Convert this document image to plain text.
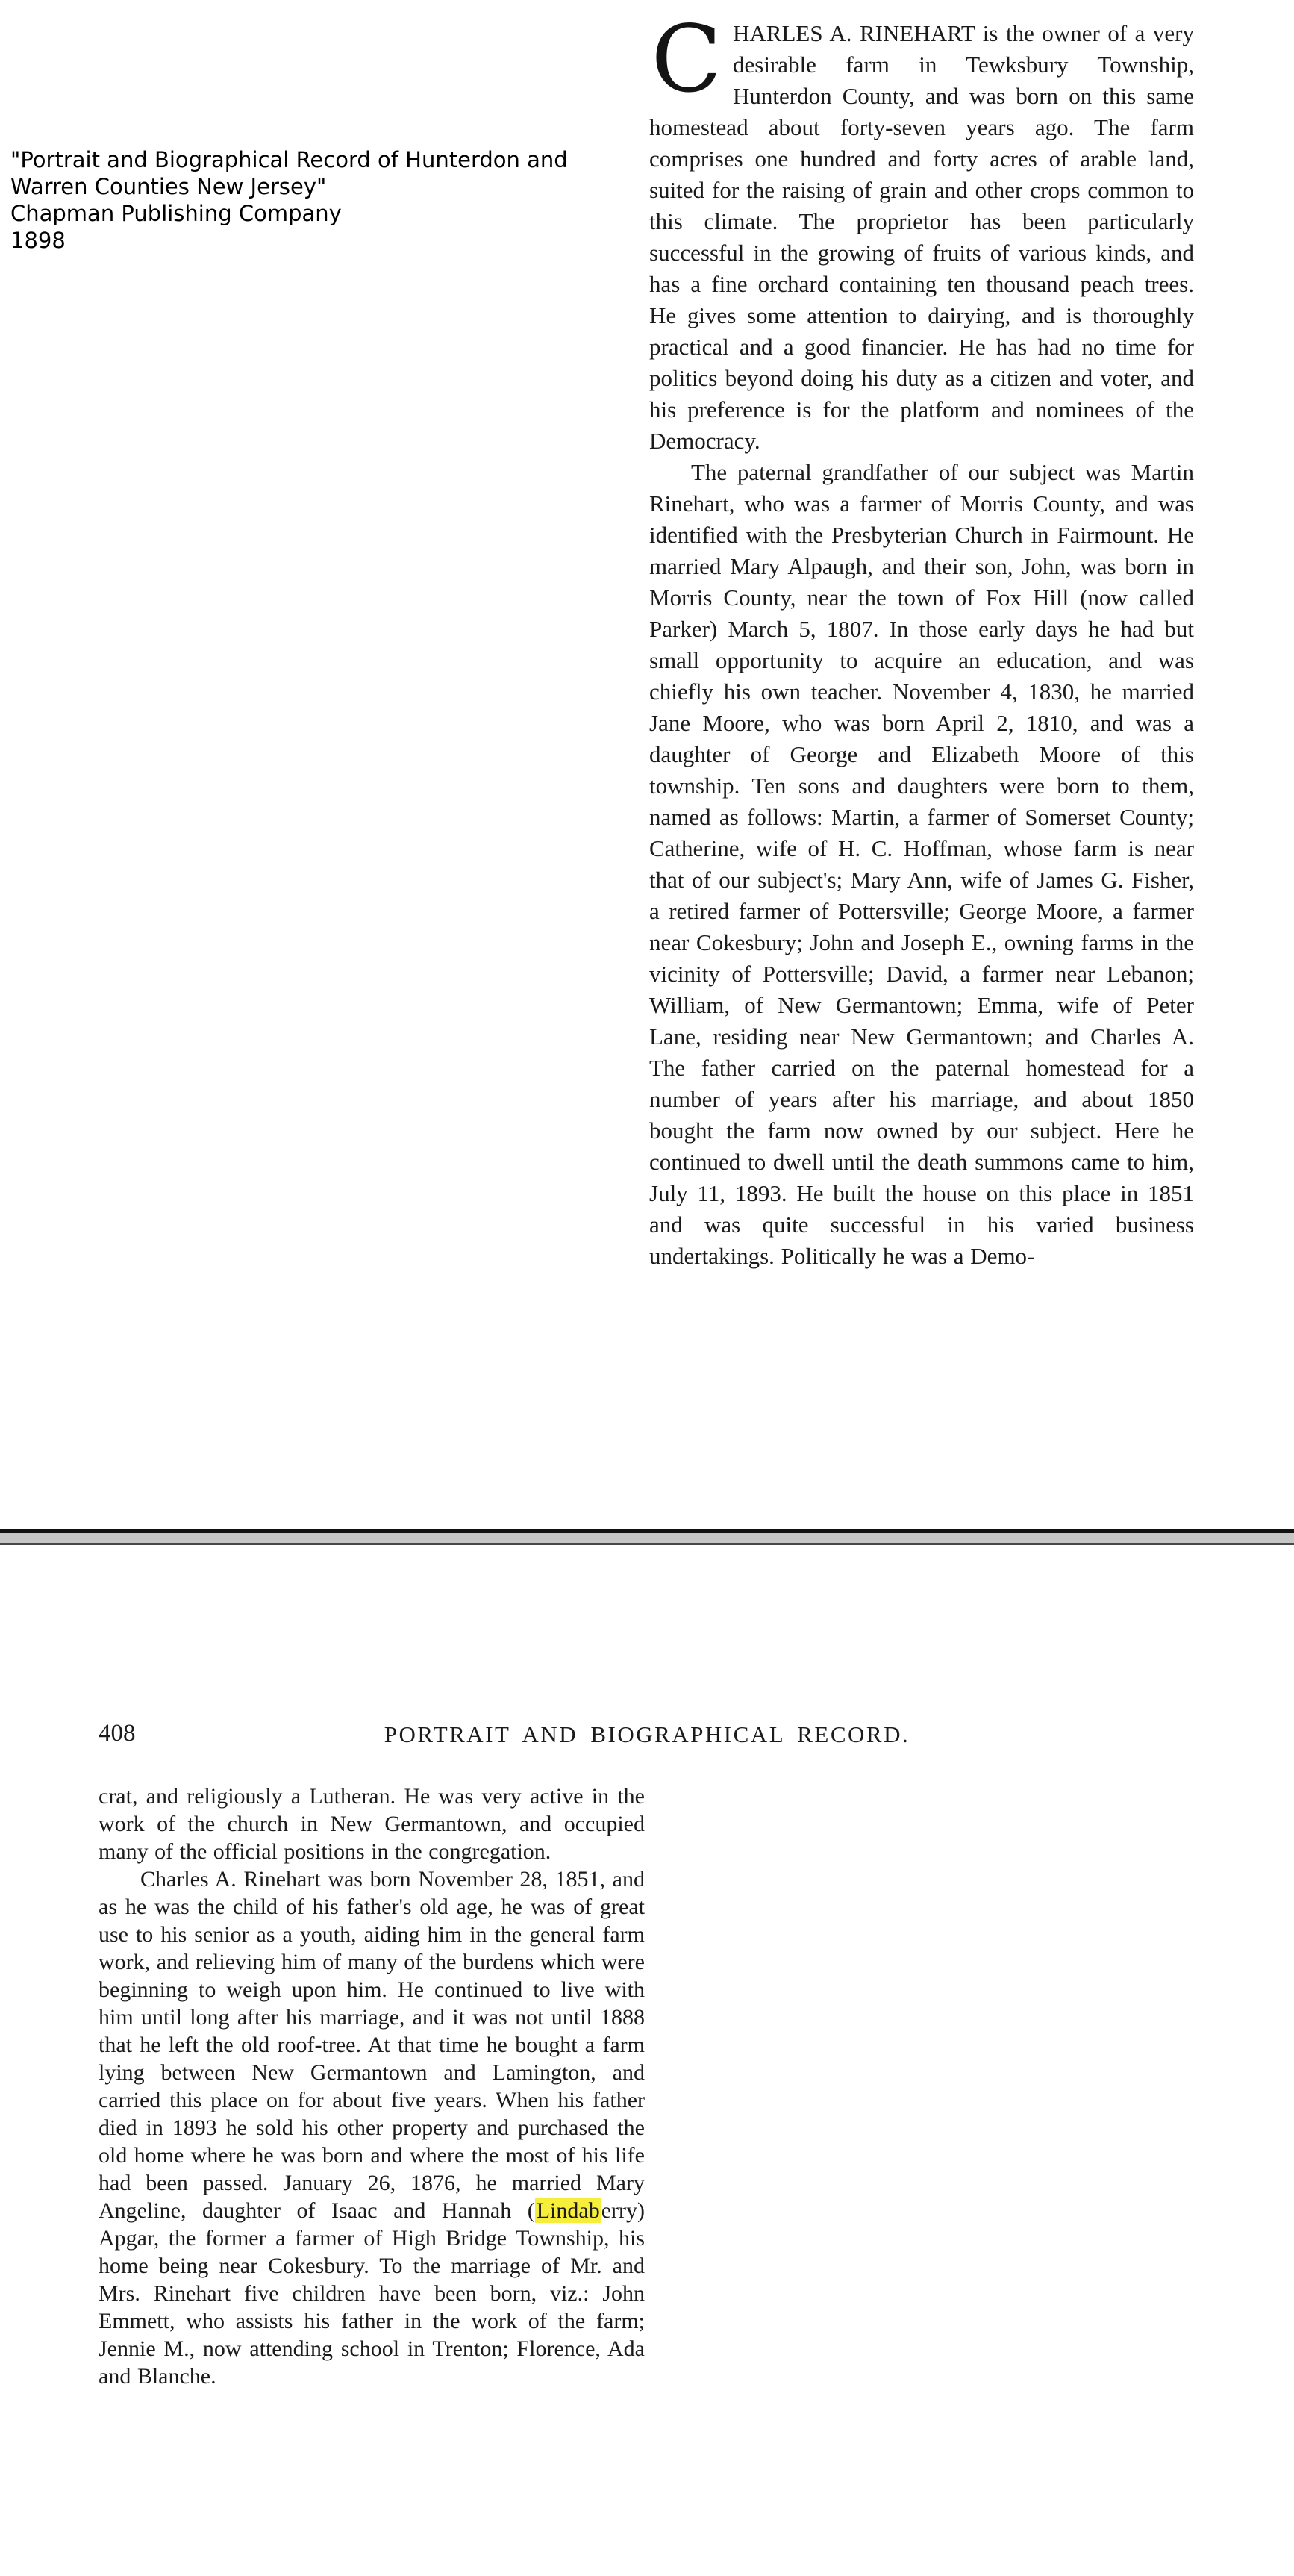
"Portrait and Biographical Record of Hunterdon and
Warren Counties New Jersey"
Chapman Publishing Company
1898

CHARLES A. RINEHART is the owner of a very desirable farm in Tewksbury Township, Hunterdon County, and was born on this same homestead about forty-seven years ago. The farm comprises one hundred and forty acres of arable land, suited for the raising of grain and other crops common to this climate. The proprietor has been particularly successful in the growing of fruits of various kinds, and has a fine orchard containing ten thousand peach trees. He gives some attention to dairying, and is thoroughly practical and a good financier. He has had no time for politics beyond doing his duty as a citizen and voter, and his preference is for the platform and nominees of the Democracy.

The paternal grandfather of our subject was Martin Rinehart, who was a farmer of Morris County, and was identified with the Presbyterian Church in Fairmount. He married Mary Alpaugh, and their son, John, was born in Morris County, near the town of Fox Hill (now called Parker) March 5, 1807. In those early days he had but small opportunity to acquire an education, and was chiefly his own teacher. November 4, 1830, he married Jane Moore, who was born April 2, 1810, and was a daughter of George and Elizabeth Moore of this township. Ten sons and daughters were born to them, named as follows: Martin, a farmer of Somerset County; Catherine, wife of H. C. Hoffman, whose farm is near that of our subject's; Mary Ann, wife of James G. Fisher, a retired farmer of Pottersville; George Moore, a farmer near Cokesbury; John and Joseph E., owning farms in the vicinity of Pottersville; David, a farmer near Lebanon; William, of New Germantown; Emma, wife of Peter Lane, residing near New Germantown; and Charles A. The father carried on the paternal homestead for a number of years after his marriage, and about 1850 bought the farm now owned by our subject. Here he continued to dwell until the death summons came to him, July 11, 1893. He built the house on this place in 1851 and was quite successful in his varied business undertakings. Politically he was a Demo-

408	PORTRAIT AND BIOGRAPHICAL RECORD.

crat, and religiously a Lutheran. He was very active in the work of the church in New Germantown, and occupied many of the official positions in the congregation.

Charles A. Rinehart was born November 28, 1851, and as he was the child of his father's old age, he was of great use to his senior as a youth, aiding him in the general farm work, and relieving him of many of the burdens which were beginning to weigh upon him. He continued to live with him until long after his marriage, and it was not until 1888 that he left the old roof-tree. At that time he bought a farm lying between New Germantown and Lamington, and carried this place on for about five years. When his father died in 1893 he sold his other property and purchased the old home where he was born and where the most of his life had been passed. January 26, 1876, he married Mary Angeline, daughter of Isaac and Hannah (Lindaberry) Apgar, the former a farmer of High Bridge Township, his home being near Cokesbury. To the marriage of Mr. and Mrs. Rinehart five children have been born, viz.: John Emmett, who assists his father in the work of the farm; Jennie M., now attending school in Trenton; Florence, Ada and Blanche.
